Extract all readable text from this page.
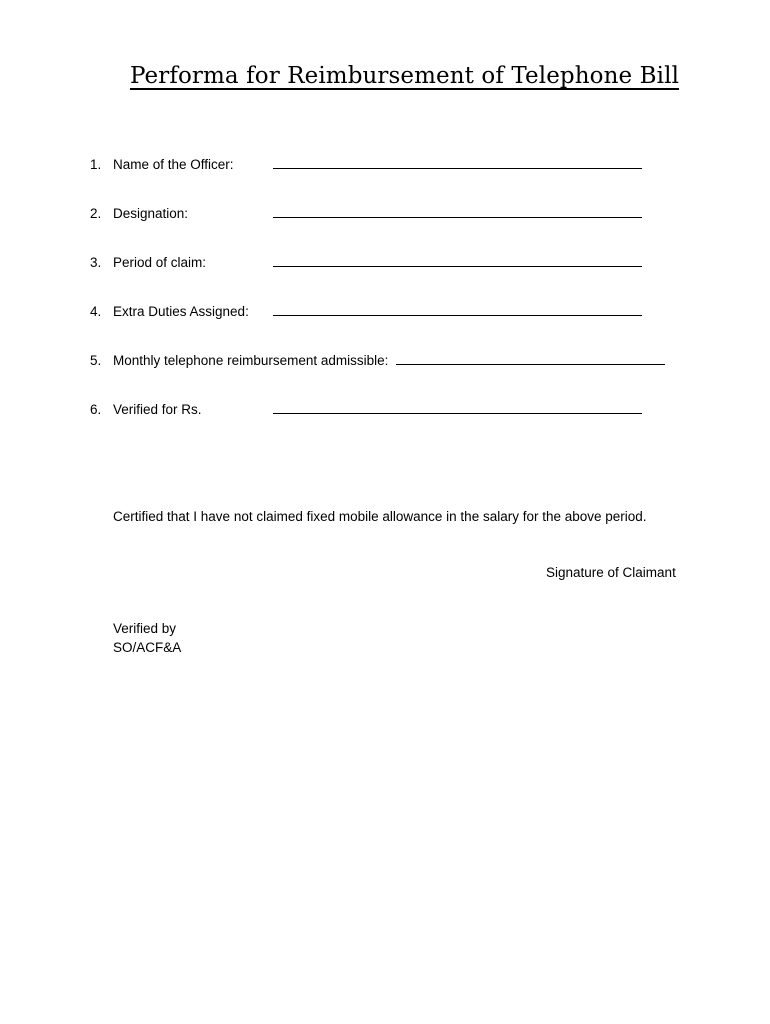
Performa for Reimbursement of Telephone Bill
1. Name of the Officer:
2. Designation:
3. Period of claim:
4. Extra Duties Assigned:
5. Monthly telephone reimbursement admissible:
6. Verified for Rs.
Certified that I have not claimed fixed mobile allowance in the salary for the above period.
Signature of Claimant
Verified by
SO/ACF&A
